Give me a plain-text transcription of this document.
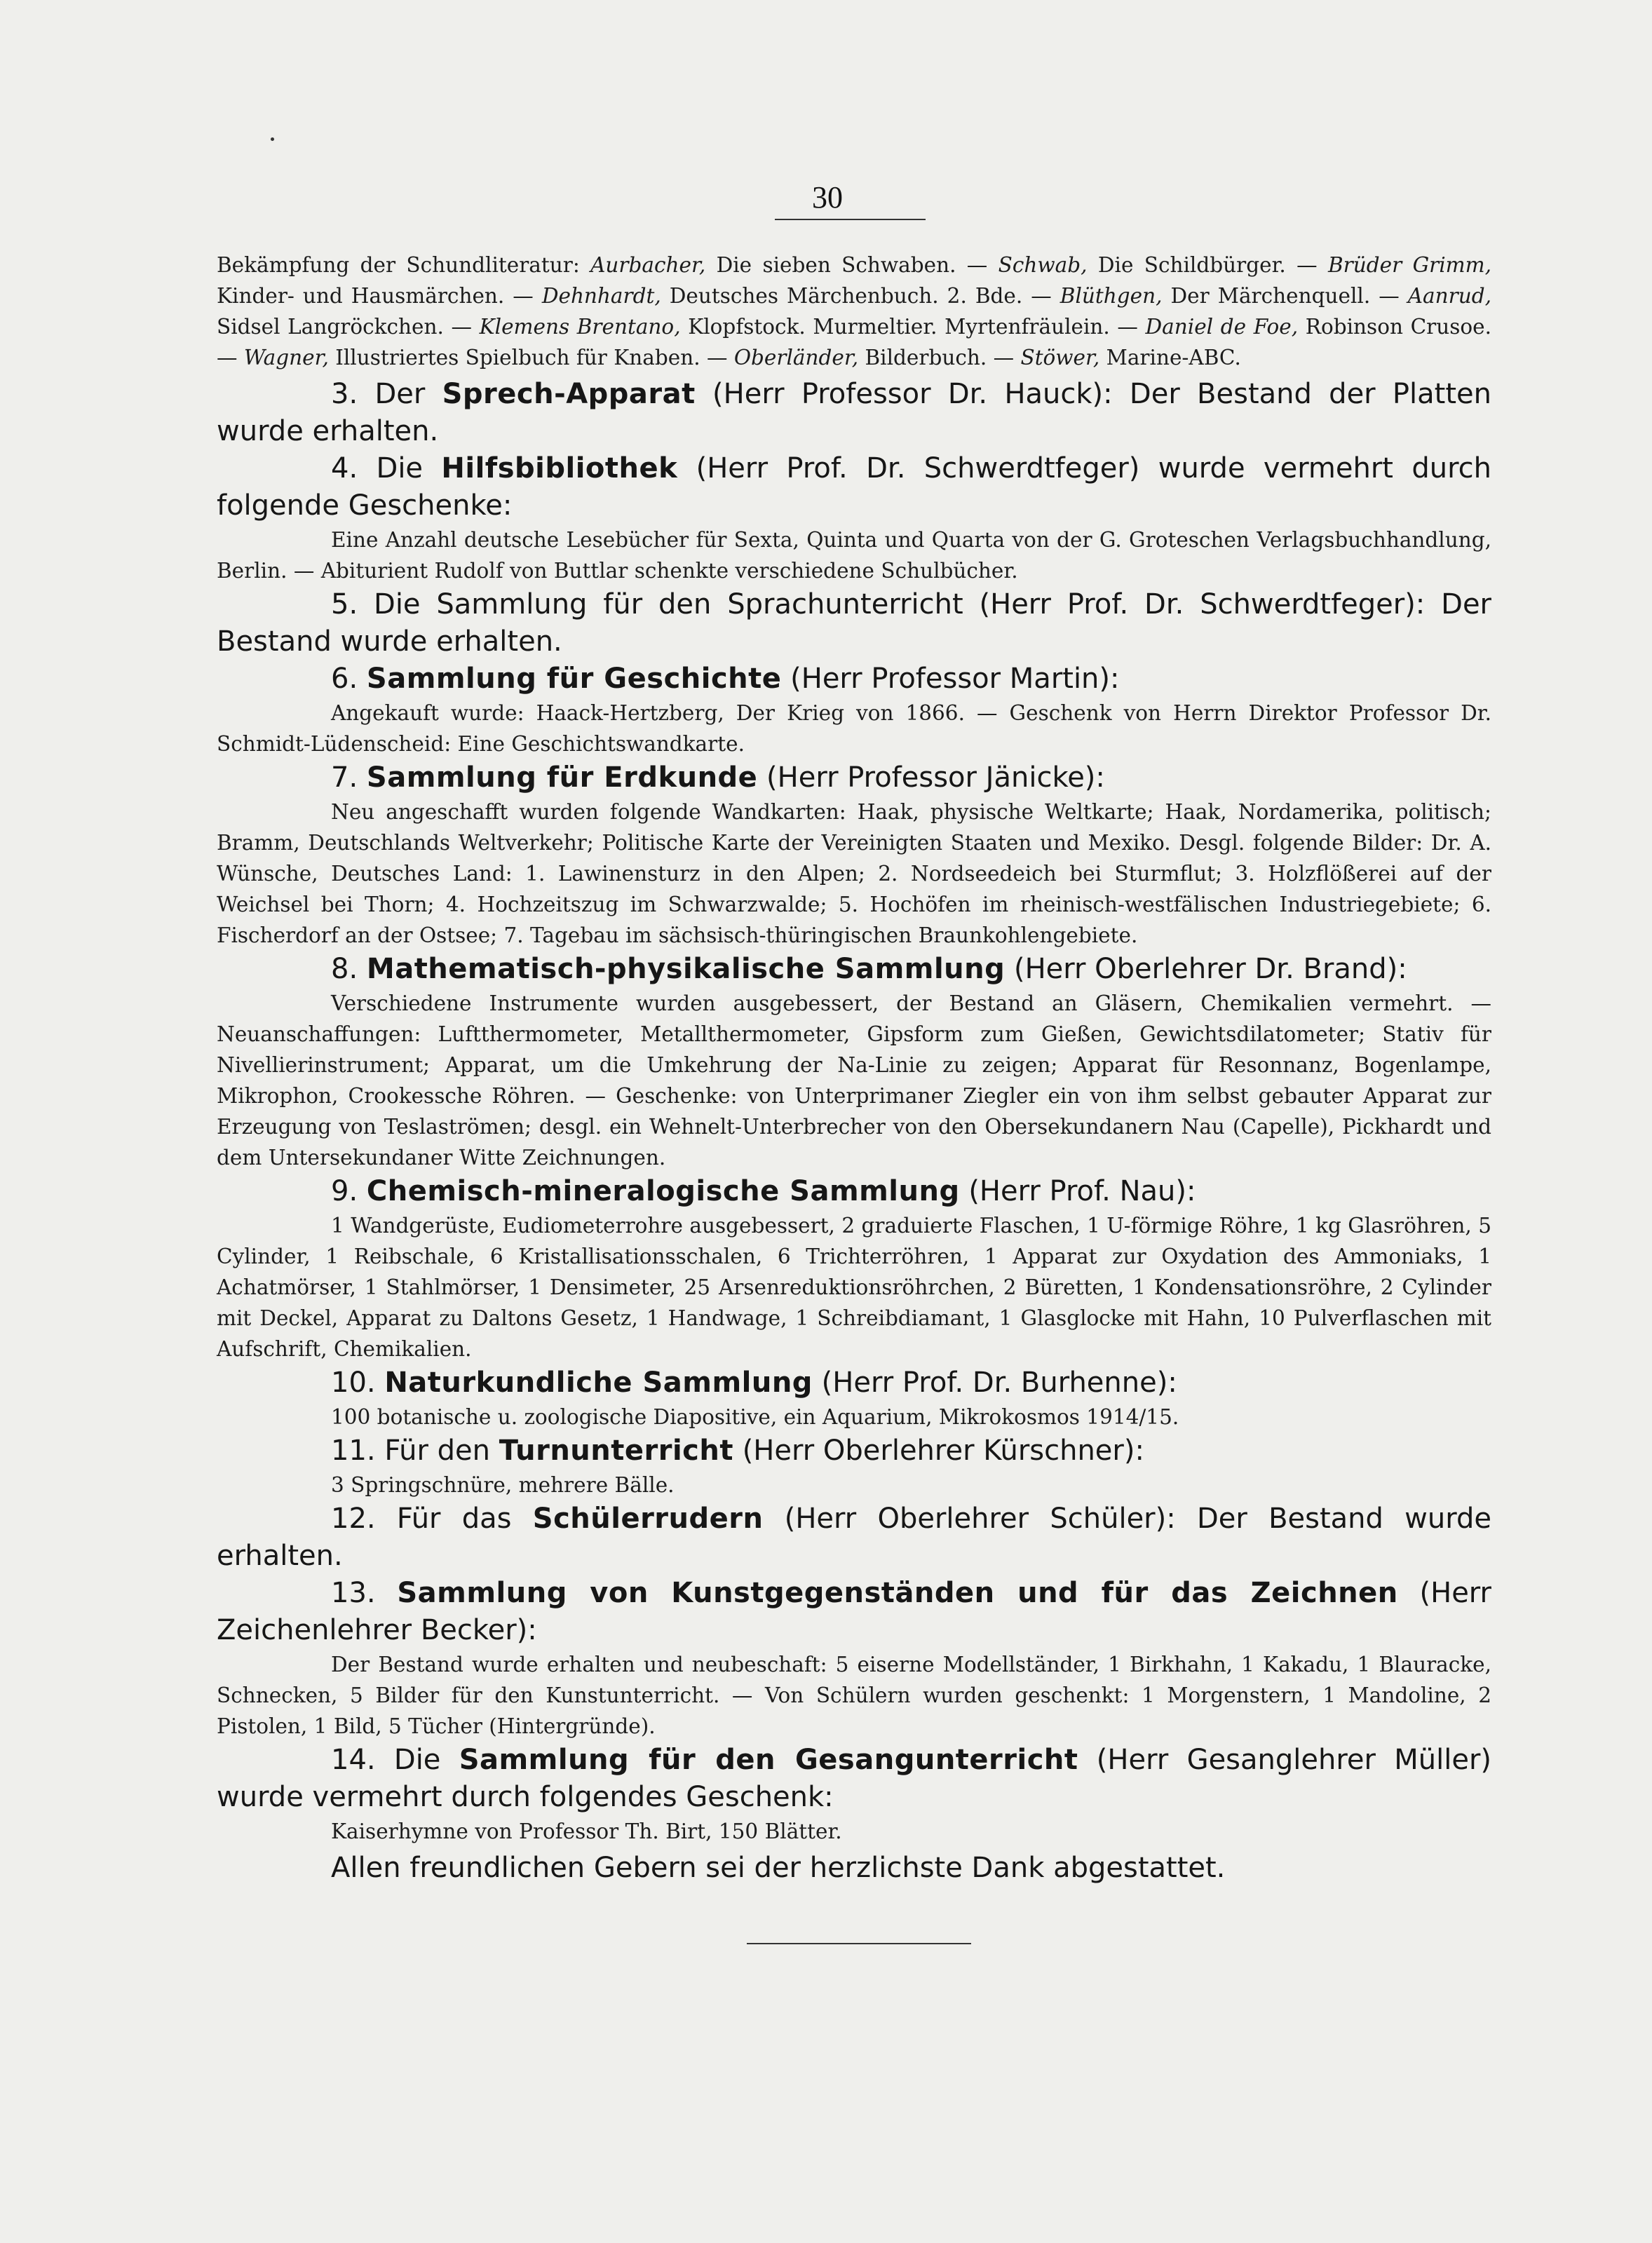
30

Bekämpfung der Schundliteratur: Aurbacher, Die sieben Schwaben. — Schwab, Die Schildbürger. — Brüder Grimm, Kinder- und Hausmärchen. — Dehnhardt, Deutsches Märchenbuch. 2. Bde. — Blüthgen, Der Märchenquell. — Aanrud, Sidsel Langröckchen. — Klemens Brentano, Klopfstock. Murmeltier. Myrtenfräulein. — Daniel de Foe, Robinson Crusoe. — Wagner, Illustriertes Spielbuch für Knaben. — Oberländer, Bilderbuch. — Stöwer, Marine-ABC.

3. Der Sprech-Apparat (Herr Professor Dr. Hauck): Der Bestand der Platten wurde erhalten.

4. Die Hilfsbibliothek (Herr Prof. Dr. Schwerdtfeger) wurde vermehrt durch folgende Geschenke:

Eine Anzahl deutsche Lesebücher für Sexta, Quinta und Quarta von der G. Groteschen Verlagsbuchhandlung, Berlin. — Abiturient Rudolf von Buttlar schenkte verschiedene Schulbücher.

5. Die Sammlung für den Sprachunterricht (Herr Prof. Dr. Schwerdtfeger): Der Bestand wurde erhalten.

6. Sammlung für Geschichte (Herr Professor Martin):

Angekauft wurde: Haack-Hertzberg, Der Krieg von 1866. — Geschenk von Herrn Direktor Professor Dr. Schmidt-Lüdenscheid: Eine Geschichtswandkarte.

7. Sammlung für Erdkunde (Herr Professor Jänicke):

Neu angeschafft wurden folgende Wandkarten: Haak, physische Weltkarte; Haak, Nordamerika, politisch; Bramm, Deutschlands Weltverkehr; Politische Karte der Vereinigten Staaten und Mexiko. Desgl. folgende Bilder: Dr. A. Wünsche, Deutsches Land: 1. Lawinensturz in den Alpen; 2. Nordseedeich bei Sturmflut; 3. Holzflößerei auf der Weichsel bei Thorn; 4. Hochzeitszug im Schwarzwalde; 5. Hochöfen im rheinisch-westfälischen Industriegebiete; 6. Fischerdorf an der Ostsee; 7. Tagebau im sächsisch-thüringischen Braunkohlengebiete.

8. Mathematisch-physikalische Sammlung (Herr Oberlehrer Dr. Brand):

Verschiedene Instrumente wurden ausgebessert, der Bestand an Gläsern, Chemikalien vermehrt. — Neuanschaffungen: Luftthermometer, Metallthermometer, Gipsform zum Gießen, Gewichtsdilatometer; Stativ für Nivellierinstrument; Apparat, um die Umkehrung der Na-Linie zu zeigen; Apparat für Resonnanz, Bogenlampe, Mikrophon, Crookessche Röhren. — Geschenke: von Unterprimaner Ziegler ein von ihm selbst gebauter Apparat zur Erzeugung von Teslaströmen; desgl. ein Wehnelt-Unterbrecher von den Obersekundanern Nau (Capelle), Pickhardt und dem Untersekundaner Witte Zeichnungen.

9. Chemisch-mineralogische Sammlung (Herr Prof. Nau):

1 Wandgerüste, Eudiometerrohre ausgebessert, 2 graduierte Flaschen, 1 U-förmige Röhre, 1 kg Glasröhren, 5 Cylinder, 1 Reibschale, 6 Kristallisationsschalen, 6 Trichterröhren, 1 Apparat zur Oxydation des Ammoniaks, 1 Achatmörser, 1 Stahlmörser, 1 Densimeter, 25 Arsenreduktionsröhrchen, 2 Büretten, 1 Kondensationsröhre, 2 Cylinder mit Deckel, Apparat zu Daltons Gesetz, 1 Handwage, 1 Schreibdiamant, 1 Glasglocke mit Hahn, 10 Pulverflaschen mit Aufschrift, Chemikalien.

10. Naturkundliche Sammlung (Herr Prof. Dr. Burhenne):

100 botanische u. zoologische Diapositive, ein Aquarium, Mikrokosmos 1914/15.

11. Für den Turnunterricht (Herr Oberlehrer Kürschner):

3 Springschnüre, mehrere Bälle.

12. Für das Schülerrudern (Herr Oberlehrer Schüler): Der Bestand wurde erhalten.

13. Sammlung von Kunstgegenständen und für das Zeichnen (Herr Zeichenlehrer Becker):

Der Bestand wurde erhalten und neubeschaft: 5 eiserne Modellständer, 1 Birkhahn, 1 Kakadu, 1 Blauracke, Schnecken, 5 Bilder für den Kunstunterricht. — Von Schülern wurden geschenkt: 1 Morgenstern, 1 Mandoline, 2 Pistolen, 1 Bild, 5 Tücher (Hintergründe).

14. Die Sammlung für den Gesangunterricht (Herr Gesanglehrer Müller) wurde vermehrt durch folgendes Geschenk:

Kaiserhymne von Professor Th. Birt, 150 Blätter.

Allen freundlichen Gebern sei der herzlichste Dank abgestattet.
